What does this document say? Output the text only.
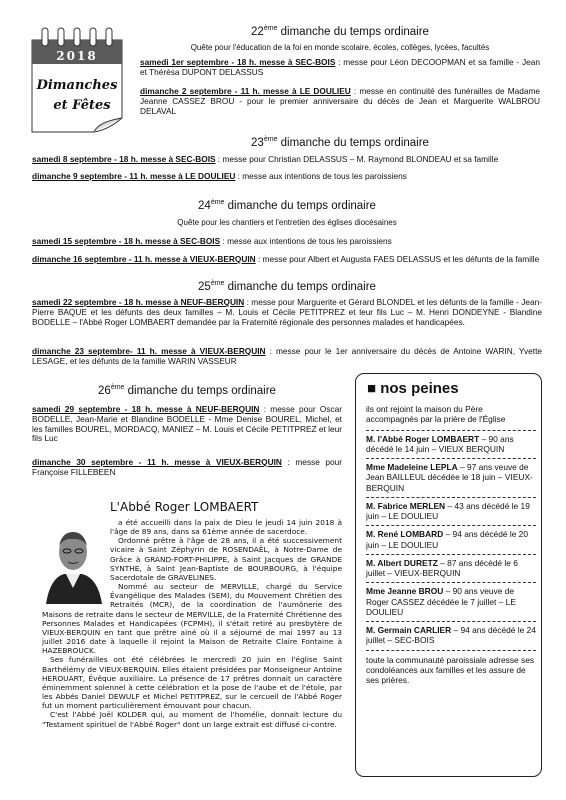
2018
Dimanches
et Fêtes
22ème dimanche du temps ordinaire
Quête pour l'éducation de la foi en monde scolaire, écoles, collèges, lycées, facultés
samedi 1er septembre - 18 h. messe à SEC-BOIS : messe pour Léon DECOOPMAN et sa famille - Jean et Thérésa DUPONT DELASSUS
dimanche 2 septembre - 11 h. messe à LE DOULIEU : messe en continuité des funérailles de Madame Jeanne CASSEZ BROU - pour le premier anniversaire du décès de Jean et Marguerite WALBROU DELAVAL
23ème dimanche du temps ordinaire
samedi 8 septembre - 18 h. messe à SEC-BOIS : messe pour Christian DELASSUS – M. Raymond BLONDEAU et sa famille
dimanche 9 septembre - 11 h. messe à LE DOULIEU : messe aux intentions de tous les paroissiens
24ème dimanche du temps ordinaire
Quête pour les chantiers et l'entretien des églises diocésaines
samedi 15 septembre - 18 h. messe à SEC-BOIS : messe aux intentions de tous les paroissiens
dimanche 16 septembre - 11 h. messe à VIEUX-BERQUIN : messe pour Albert et Augusta FAES DELASSUS et les défunts de la famille
25ème dimanche du temps ordinaire
samedi 22 septembre - 18 h. messe à NEUF-BERQUIN : messe pour Marguerite et Gérard BLONDEL et les défunts de la famille - Jean-Pierre BAQUE et les défunts des deux familles – M. Louis et Cécile PETITPREZ et leur fils Luc – M. Henri DONDEYNE - Blandine BODELLE – l'Abbé Roger LOMBAERT demandée par la Fraternité régionale des personnes malades et handicapées.
dimanche 23 septembre- 11 h. messe à VIEUX-BERQUIN : messe pour le 1er anniversaire du décès de Antoine WARIN, Yvette LESAGE, et les défunts de la famille WARIN VASSEUR
26ème dimanche du temps ordinaire
samedi 29 septembre - 18 h. messe à NEUF-BERQUIN : messe pour Oscar BODELLE, Jean-Marie et Blandine BODELLE - Mme Denise BOUREL, Michel, et les familles BOUREL, MORDACQ, MANIEZ – M. Louis et Cécile PETITPREZ et leur fils Luc
dimanche 30 septembre - 11 h. messe à VIEUX-BERQUIN : messe pour Françoise FILLEBEEN
L'Abbé Roger LOMBAERT

a été accueilli dans la paix de Dieu le jeudi 14 juin 2018 à l'âge de 89 ans, dans sa 61ème année de sacerdoce.

Ordonné prêtre à l'âge de 28 ans, il a été successivement vicaire à Saint Zéphyrin de ROSENDAËL, à Notre-Dame de Grâce à GRAND-FORT-PHILIPPE, à Saint Jacques de GRANDE SYNTHE, à Saint Jean-Baptiste de BOURBOURG, à l'équipe Sacerdotale de GRAVELINES.

Nommé au secteur de MERVILLE, chargé du Service Évangélique des Malades (SEM), du Mouvement Chrétien des Retraités (MCR), de la coordination de l'aumônerie des Maisons de retraite dans le secteur de MERVILLE, de la Fraternité Chrétienne des Personnes Malades et Handicapées (FCPMH), il s'était retiré au presbytère de VIEUX-BERQUIN en tant que prêtre ainé où il a séjourné de mai 1997 au 13 juillet 2016 date à laquelle il rejoint la Maison de Retraite Claire Fontaine à HAZEBROUCK.

Ses funérailles ont été célébrées le mercredi 20 juin en l'église Saint Barthélémy de VIEUX-BERQUIN. Elles étaient présidées par Monseigneur Antoine HEROUART, Évêque auxiliaire. La présence de 17 prêtres donnait un caractère éminemment solennel à cette célébration et la pose de l'aube et de l'étole, par les Abbés Daniel DEWULF et Michel PETITPREZ, sur le cercueil de l'Abbé Roger fut un moment particulièrement émouvant pour chacun.

C'est l'Abbé Joël KOLDER qui, au moment de l'homélie, donnait lecture du "Testament spirituel de l'Abbé Roger" dont un large extrait est diffusé ci-contre.

■ nos peines
ils ont rejoint la maison du Père accompagnés par la prière de l'Église
M. l'Abbé Roger LOMBAERT – 90 ans décédé le 14 juin – VIEUX BERQUIN
Mme Madeleine LEPLA – 97 ans veuve de Jean BAILLEUL décédée le 18 juin – VIEUX-BERQUIN
M. Fabrice MERLEN – 43 ans décédé le 19 juin – LE DOULIEU
M. René LOMBARD – 94 ans décédé le 20 juin – LE DOULIEU
M. Albert DURETZ – 87 ans décédé le 6 juillet – VIEUX-BERQUIN
Mme Jeanne BROU – 90 ans veuve de Roger CASSEZ décédée le 7 juillet – LE DOULIEU
M. Germain CARLIER – 94 ans décédé le 24 juillet – SEC-BOIS
toute la communauté paroissiale adresse ses condoléances aux familles et les assure de ses prières.
